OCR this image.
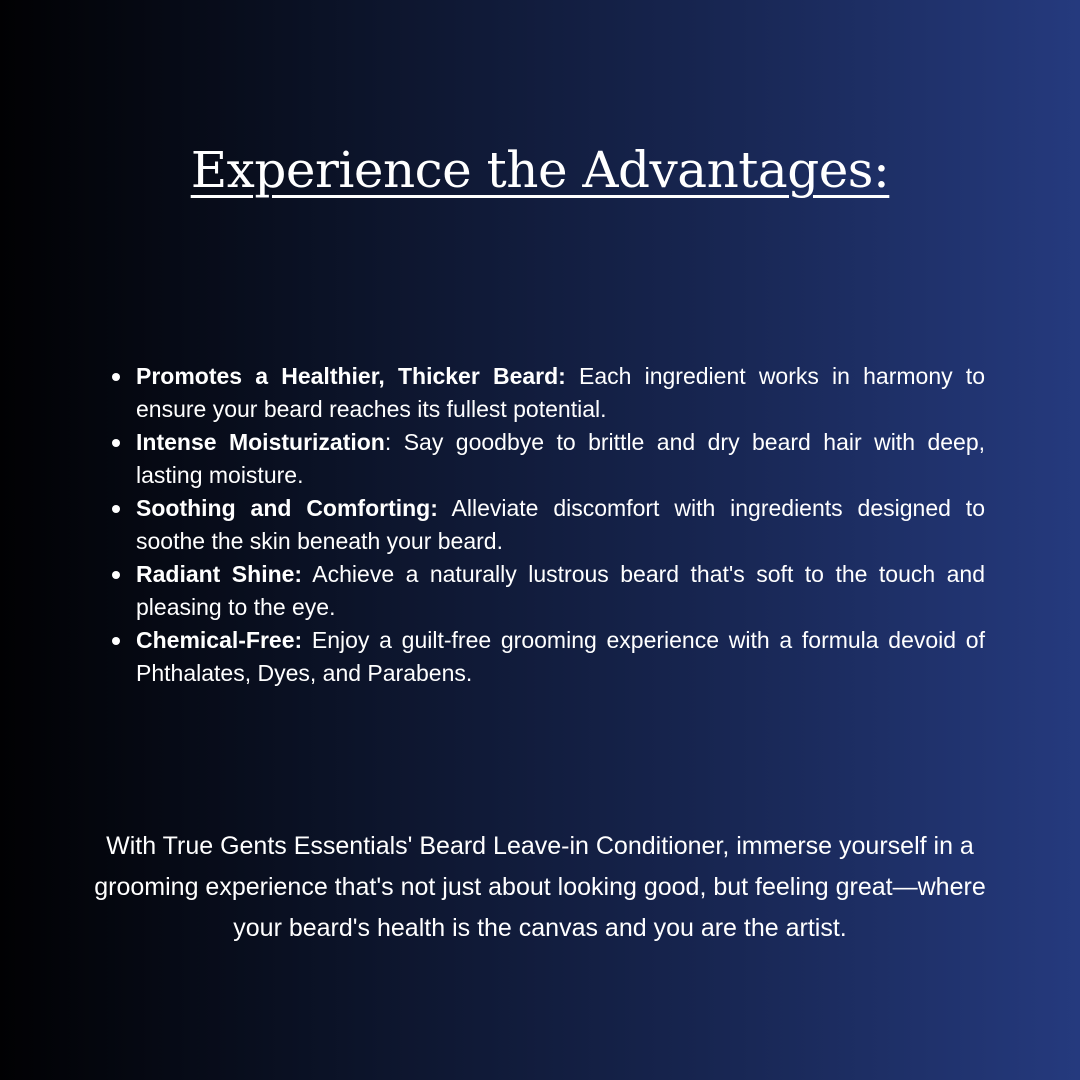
Experience the Advantages:
Promotes a Healthier, Thicker Beard: Each ingredient works in harmony to ensure your beard reaches its fullest potential.
Intense Moisturization: Say goodbye to brittle and dry beard hair with deep, lasting moisture.
Soothing and Comforting: Alleviate discomfort with ingredients designed to soothe the skin beneath your beard.
Radiant Shine: Achieve a naturally lustrous beard that's soft to the touch and pleasing to the eye.
Chemical-Free: Enjoy a guilt-free grooming experience with a formula devoid of Phthalates, Dyes, and Parabens.

With True Gents Essentials' Beard Leave-in Conditioner, immerse yourself in a grooming experience that's not just about looking good, but feeling great—where your beard's health is the canvas and you are the artist.
